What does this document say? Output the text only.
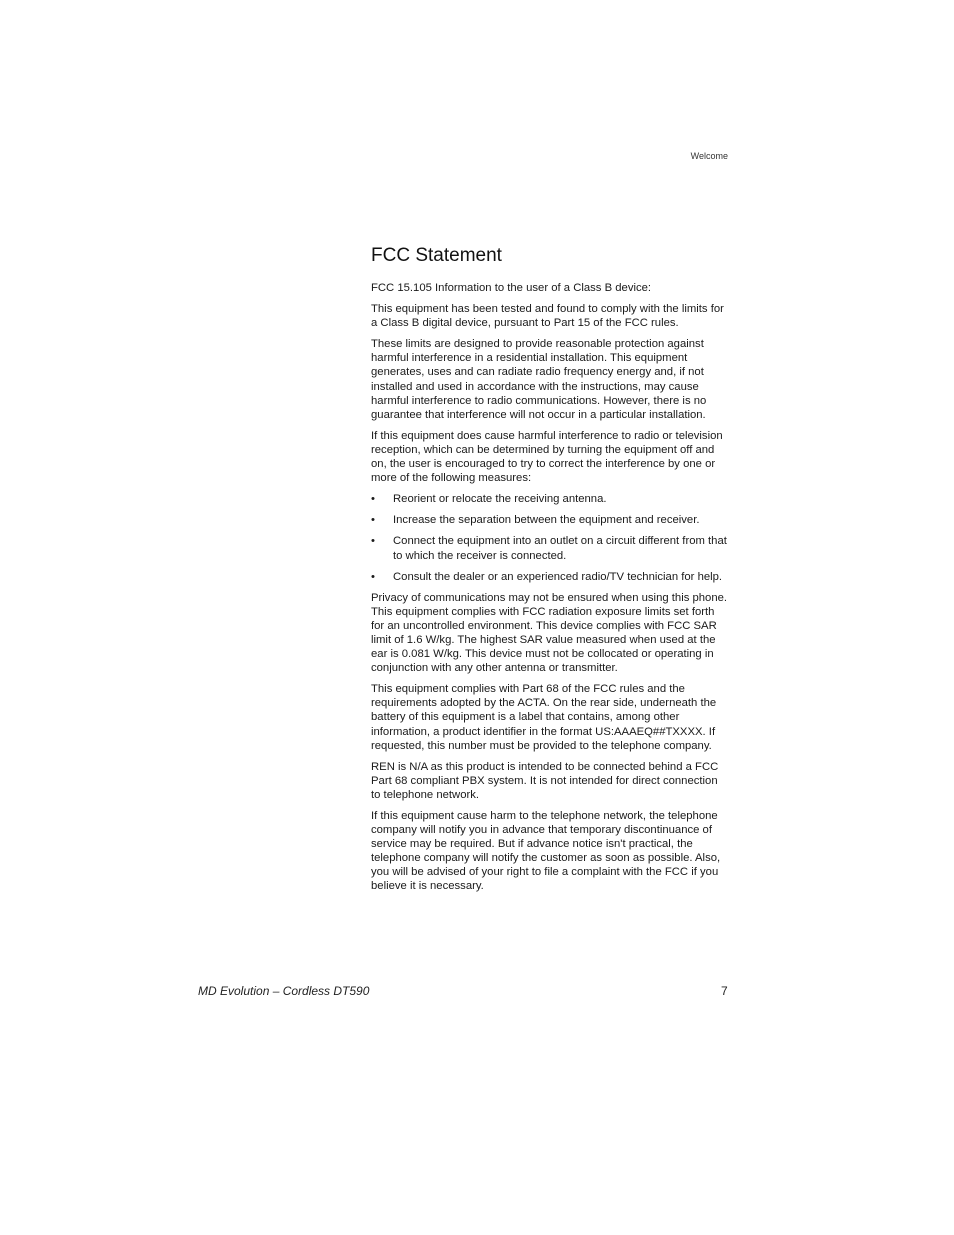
Welcome
FCC Statement

FCC 15.105 Information to the user of a Class B device:

This equipment has been tested and found to comply with the limits for a Class B digital device, pursuant to Part 15 of the FCC rules.

These limits are designed to provide reasonable protection against harmful interference in a residential installation. This equipment generates, uses and can radiate radio frequency energy and, if not installed and used in accordance with the instructions, may cause harmful interference to radio communications. However, there is no guarantee that interference will not occur in a particular installation.

If this equipment does cause harmful interference to radio or television reception, which can be determined by turning the equipment off and on, the user is encouraged to try to correct the interference by one or more of the following measures:

• Reorient or relocate the receiving antenna.
• Increase the separation between the equipment and receiver.
• Connect the equipment into an outlet on a circuit different from that to which the receiver is connected.
• Consult the dealer or an experienced radio/TV technician for help.

Privacy of communications may not be ensured when using this phone. This equipment complies with FCC radiation exposure limits set forth for an uncontrolled environment. This device complies with FCC SAR limit of 1.6 W/kg. The highest SAR value measured when used at the ear is 0.081 W/kg. This device must not be collocated or operating in conjunction with any other antenna or transmitter.

This equipment complies with Part 68 of the FCC rules and the requirements adopted by the ACTA. On the rear side, underneath the battery of this equipment is a label that contains, among other information, a product identifier in the format US:AAAEQ##TXXXX. If requested, this number must be provided to the telephone company.

REN is N/A as this product is intended to be connected behind a FCC Part 68 compliant PBX system. It is not intended for direct connection to telephone network.

If this equipment cause harm to the telephone network, the telephone company will notify you in advance that temporary discontinuance of service may be required. But if advance notice isn't practical, the telephone company will notify the customer as soon as possible. Also, you will be advised of your right to file a complaint with the FCC if you believe it is necessary.

MD Evolution – Cordless DT590	7
